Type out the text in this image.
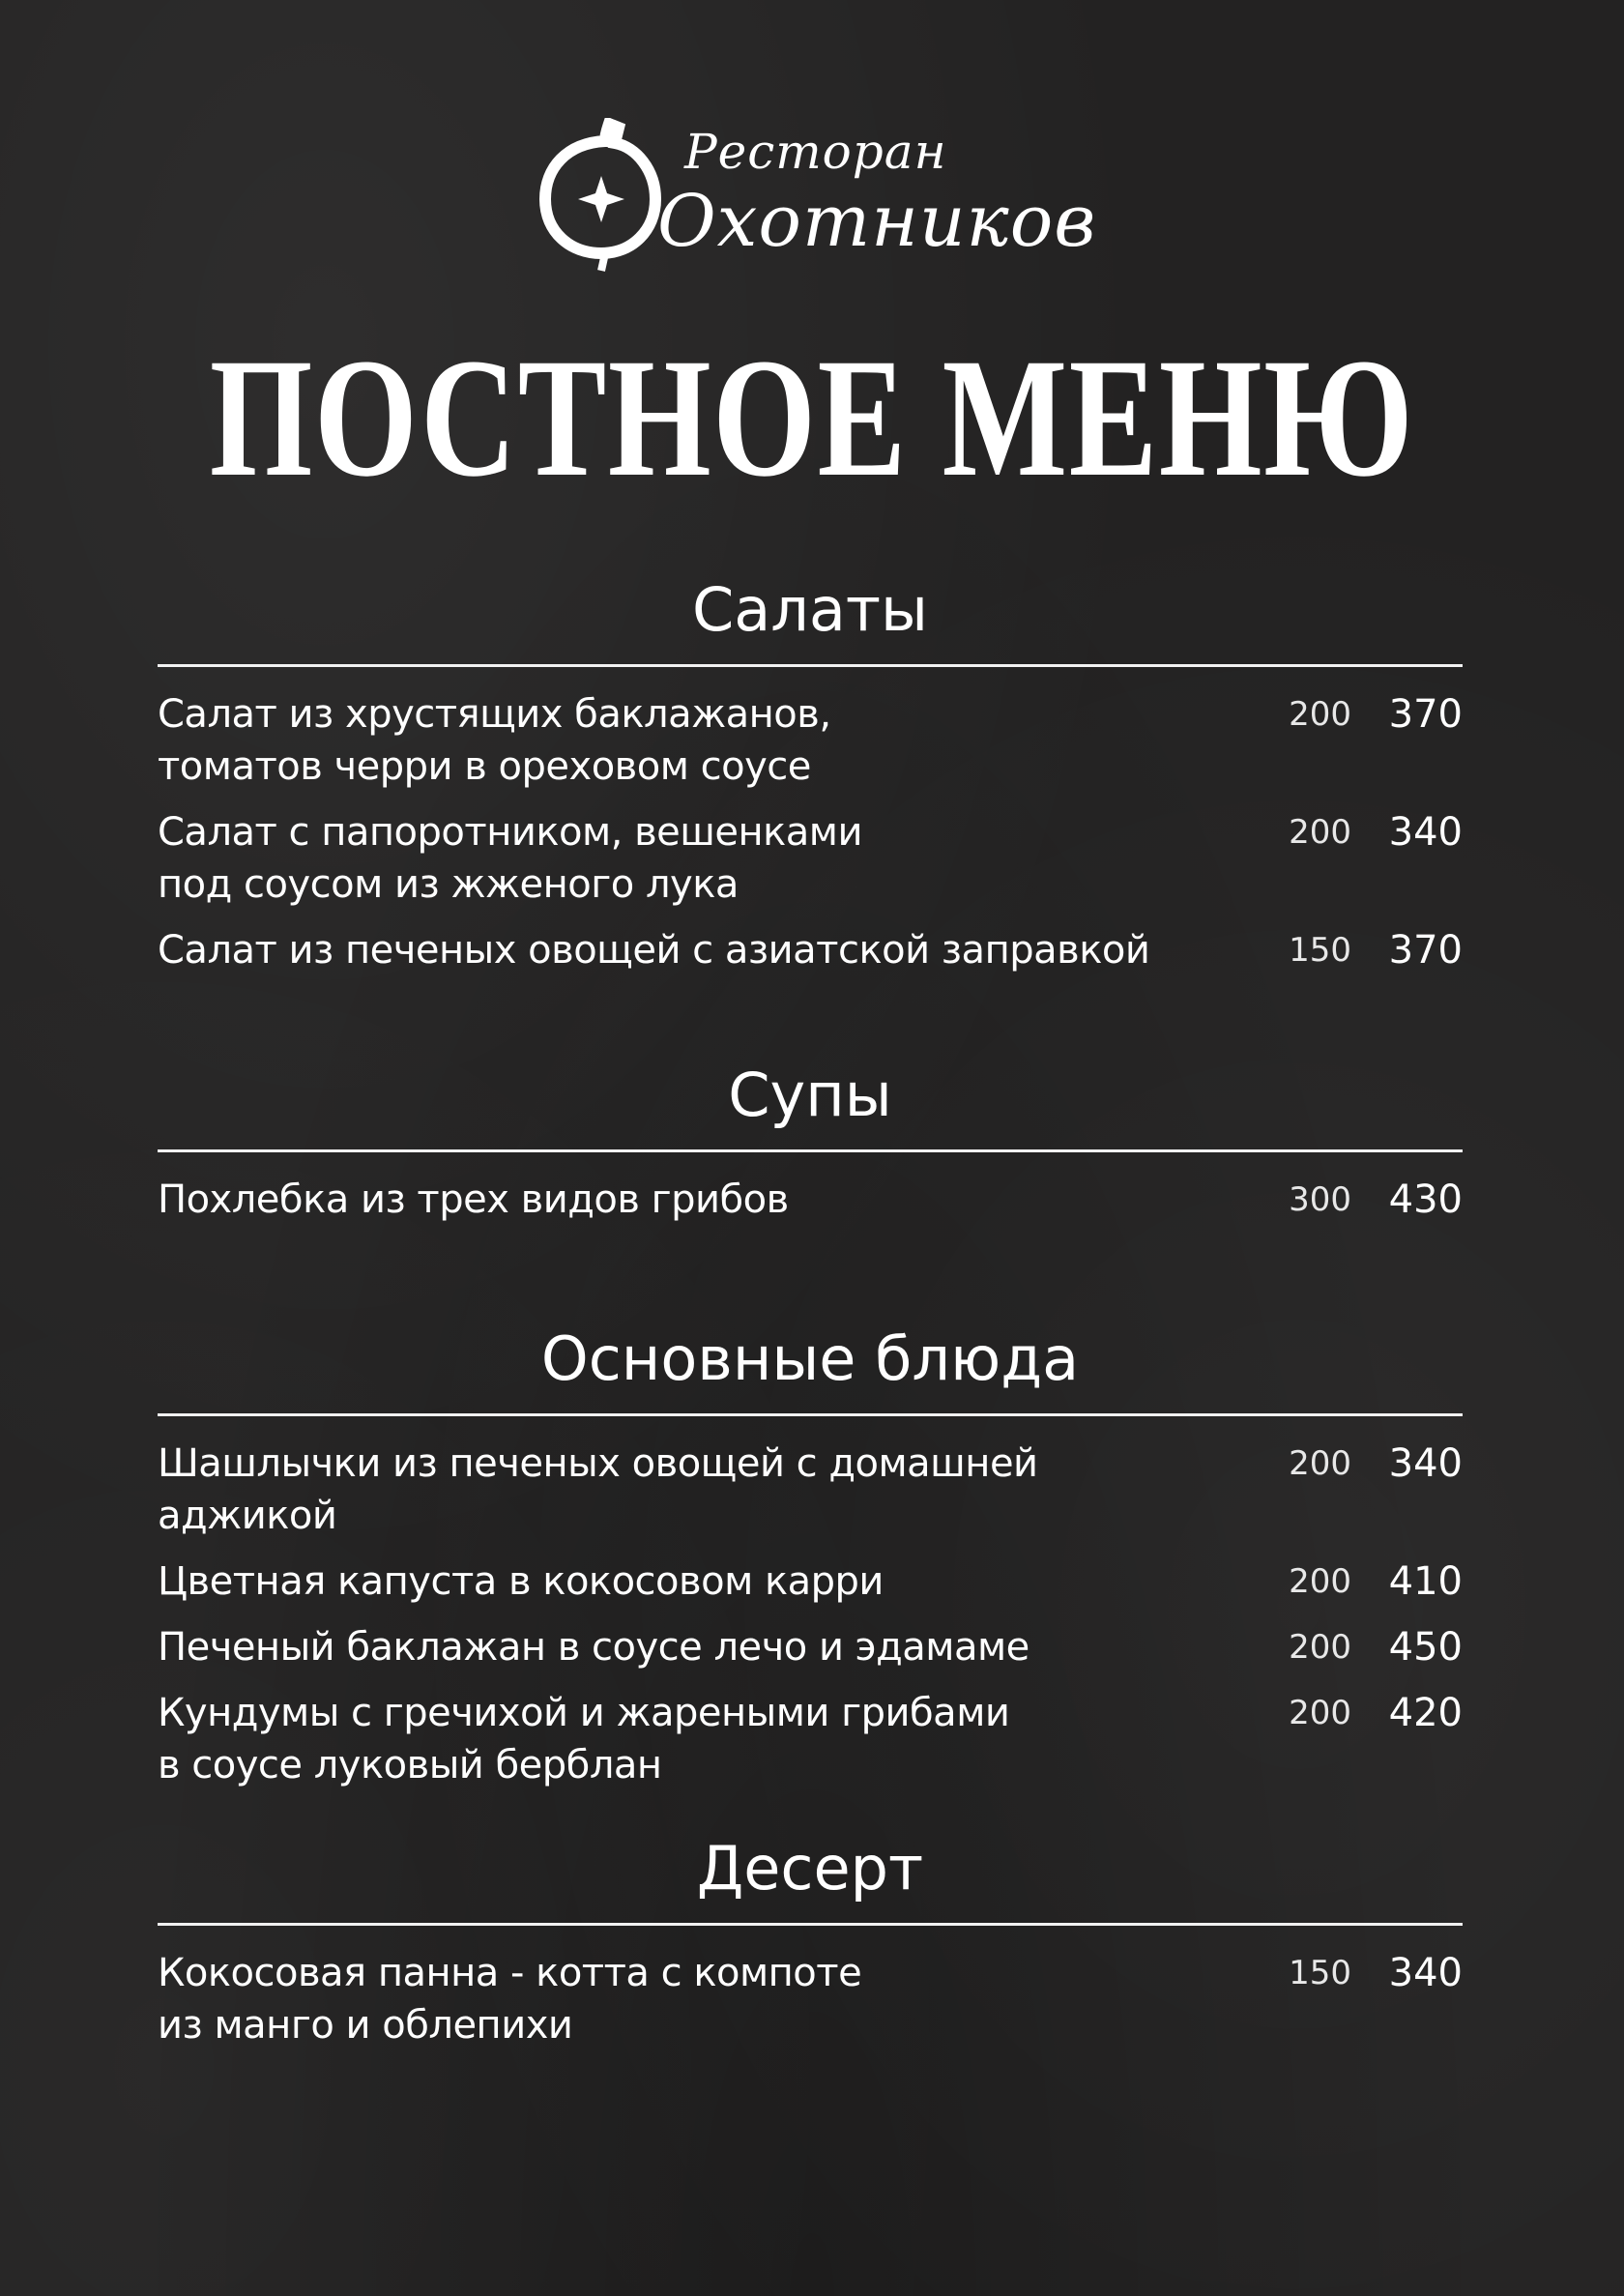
Ресторан
Охотников
ПОСТНОЕ МЕНЮ
Салаты
Салат из хрустящих баклажанов,
томатов черри в ореховом соусе
200 370
Салат с папоротником, вешенками
под соусом из жженого лука
200 340
Салат из печеных овощей с азиатской заправкой	150 370
Супы
Похлебка из трех видов грибов	300 430
Основные блюда
Шашлычки из печеных овощей с домашней аджикой
200 340
Цветная капуста в кокосовом карри	200 410
Печеный баклажан в соусе лечо и эдамаме	200 450
Кундумы с гречихой и жареными грибами
в соусе луковый берблан
200 420
Десерт
Кокосовая панна - котта с компоте
из манго и облепихи
150 340
